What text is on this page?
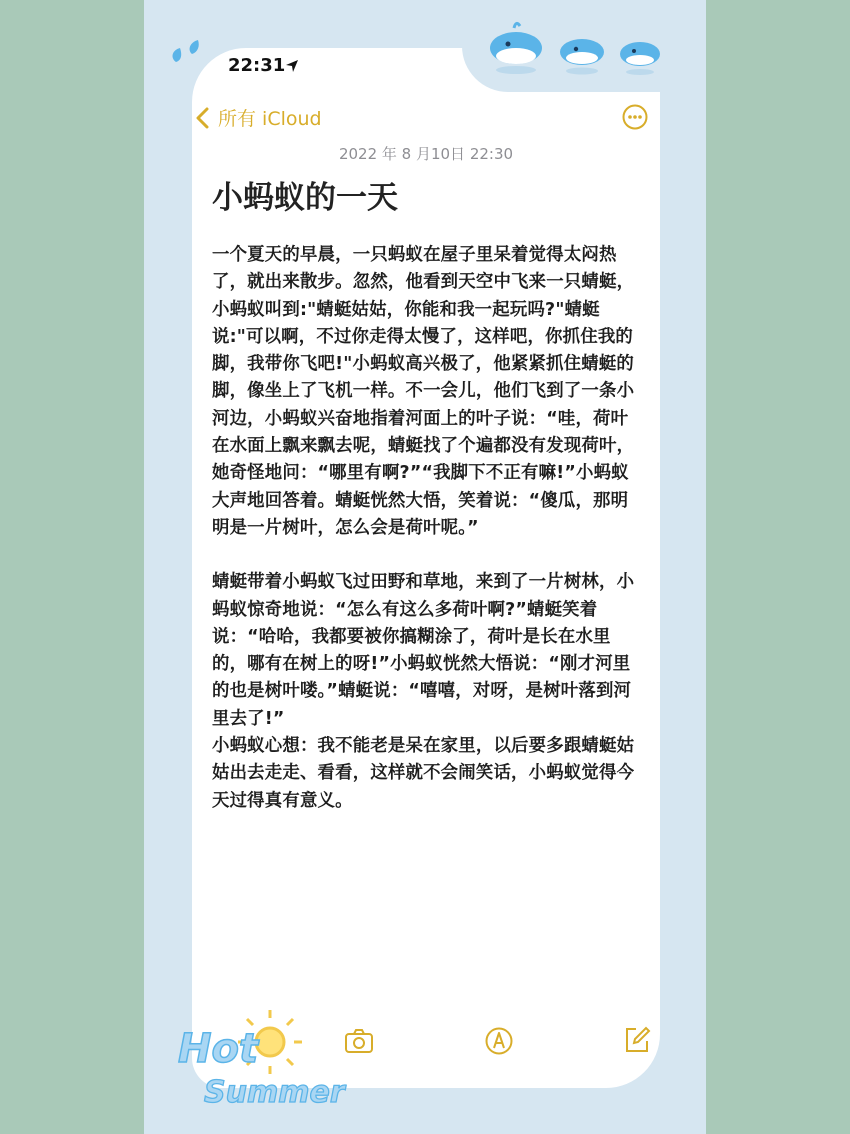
22:31
所有 iCloud
2022 年 8 月10日 22:30
小蚂蚁的一天
一个夏天的早晨，一只蚂蚁在屋子里呆着觉得太闷热了，就出来散步。忽然，他看到天空中飞来一只蜻蜓，小蚂蚁叫到:"蜻蜓姑姑，你能和我一起玩吗?"蜻蜓说:"可以啊，不过你走得太慢了，这样吧，你抓住我的脚，我带你飞吧!"小蚂蚁高兴极了，他紧紧抓住蜻蜓的脚，像坐上了飞机一样。不一会儿，他们飞到了一条小河边，小蚂蚁兴奋地指着河面上的叶子说：“哇，荷叶在水面上飘来飘去呢，蜻蜓找了个遍都没有发现荷叶，她奇怪地问：“哪里有啊?”“我脚下不正有嘛!”小蚂蚁大声地回答着。蜻蜓恍然大悟，笑着说：“傻瓜，那明明是一片树叶，怎么会是荷叶呢。”
蜻蜓带着小蚂蚁飞过田野和草地，来到了一片树林，小蚂蚁惊奇地说：“怎么有这么多荷叶啊?”蜻蜓笑着说：“哈哈，我都要被你搞糊涂了，荷叶是长在水里的，哪有在树上的呀!”小蚂蚁恍然大悟说：“刚才河里的也是树叶喽。”蜻蜓说：“嘻嘻，对呀，是树叶落到河里去了!”
小蚂蚁心想：我不能老是呆在家里，以后要多跟蜻蜓姑姑出去走走、看看，这样就不会闹笑话，小蚂蚁觉得今天过得真有意义。
Hot
Summer
